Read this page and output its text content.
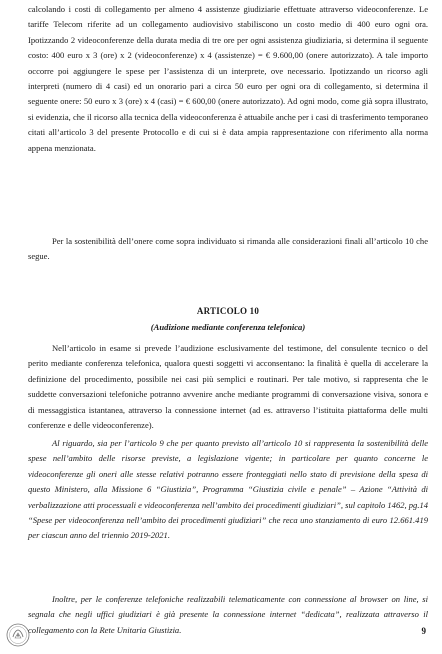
calcolando i costi di collegamento per almeno 4 assistenze giudiziarie effettuate attraverso videoconferenze. Le tariffe Telecom riferite ad un collegamento audiovisivo stabiliscono un costo medio di 400 euro ogni ora. Ipotizzando 2 videoconferenze della durata media di tre ore per ogni assistenza giudiziaria, si determina il seguente costo: 400 euro x 3 (ore) x 2 (videoconferenze) x 4 (assistenze) = € 9.600,00 (onere autorizzato). A tale importo occorre poi aggiungere le spese per l’assistenza di un interprete, ove necessario. Ipotizzando un ricorso agli interpreti (numero di 4 casi) ed un onorario pari a circa 50 euro per ogni ora di collegamento, si determina il seguente onere: 50 euro x 3 (ore) x 4 (casi) = € 600,00 (onere autorizzato). Ad ogni modo, come già sopra illustrato, si evidenzia, che il ricorso alla tecnica della videoconferenza è attuabile anche per i casi di trasferimento temporaneo citati all’articolo 3 del presente Protocollo e di cui si è data ampia rappresentazione con riferimento alla norma appena menzionata.

Per la sostenibilità dell’onere come sopra individuato si rimanda alle considerazioni finali all’articolo 10 che segue.

ARTICOLO 10

(Audizione mediante conferenza telefonica)

Nell’articolo in esame si prevede l’audizione esclusivamente del testimone, del consulente tecnico o del perito mediante conferenza telefonica, qualora questi soggetti vi acconsentano: la finalità è quella di accelerare la definizione del procedimento, possibile nei casi più semplici e routinari. Per tale motivo, si rappresenta che le suddette conversazioni telefoniche potranno avvenire anche mediante programmi di conversazione visiva, sonora e di messaggistica istantanea, attraverso la connessione internet (ad es. attraverso l’istituita piattaforma delle multi conferenze e delle videoconferenze).

Al riguardo, sia per l’articolo 9 che per quanto previsto all’articolo 10 si rappresenta la sostenibilità delle spese nell’ambito delle risorse previste, a legislazione vigente; in particolare per quanto concerne le videoconferenze gli oneri alle stesse relativi potranno essere fronteggiati nello stato di previsione della spesa di questo Ministero, alla Missione 6 “Giustizia”, Programma “Giustizia civile e penale” – Azione “Attività di verbalizzazione atti processuali e videoconferenza nell’ambito dei procedimenti giudiziari”, sul capitolo 1462, pg.14 “Spese per videoconferenza nell’ambito dei procedimenti giudiziari” che reca uno stanziamento di euro 12.661.419 per ciascun anno del triennio 2019-2021.

Inoltre, per le conferenze telefoniche realizzabili telematicamente con connessione al browser on line, si segnala che negli uffici giudiziari è già presente la connessione internet “dedicata”, realizzata attraverso il collegamento con la Rete Unitaria Giustizia.	9
